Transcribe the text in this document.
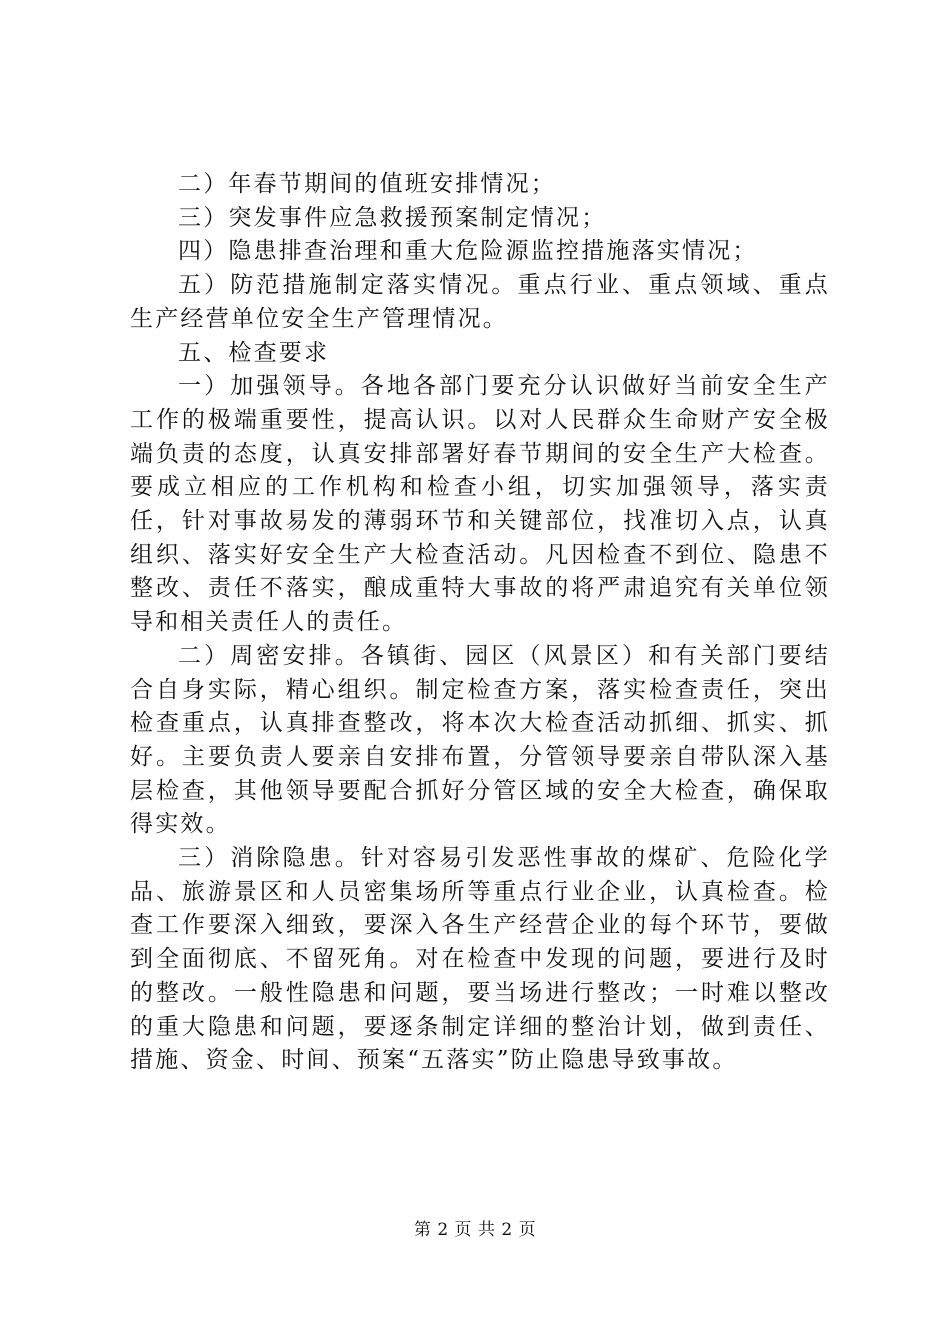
二）年春节期间的值班安排情况；

三）突发事件应急救援预案制定情况；

四）隐患排查治理和重大危险源监控措施落实情况；

五）防范措施制定落实情况。重点行业、重点领域、重点生产经营单位安全生产管理情况。

五、检查要求

一）加强领导。各地各部门要充分认识做好当前安全生产工作的极端重要性，提高认识。以对人民群众生命财产安全极端负责的态度，认真安排部署好春节期间的安全生产大检查。要成立相应的工作机构和检查小组，切实加强领导，落实责任，针对事故易发的薄弱环节和关键部位，找准切入点，认真组织、落实好安全生产大检查活动。凡因检查不到位、隐患不整改、责任不落实，酿成重特大事故的将严肃追究有关单位领导和相关责任人的责任。

二）周密安排。各镇街、园区（风景区）和有关部门要结合自身实际，精心组织。制定检查方案，落实检查责任，突出检查重点，认真排查整改，将本次大检查活动抓细、抓实、抓好。主要负责人要亲自安排布置，分管领导要亲自带队深入基层检查，其他领导要配合抓好分管区域的安全大检查，确保取得实效。

三）消除隐患。针对容易引发恶性事故的煤矿、危险化学品、旅游景区和人员密集场所等重点行业企业，认真检查。检查工作要深入细致，要深入各生产经营企业的每个环节，要做到全面彻底、不留死角。对在检查中发现的问题，要进行及时的整改。一般性隐患和问题，要当场进行整改；一时难以整改的重大隐患和问题，要逐条制定详细的整治计划，做到责任、措施、资金、时间、预案“五落实”防止隐患导致事故。

第 2 页 共 2 页
